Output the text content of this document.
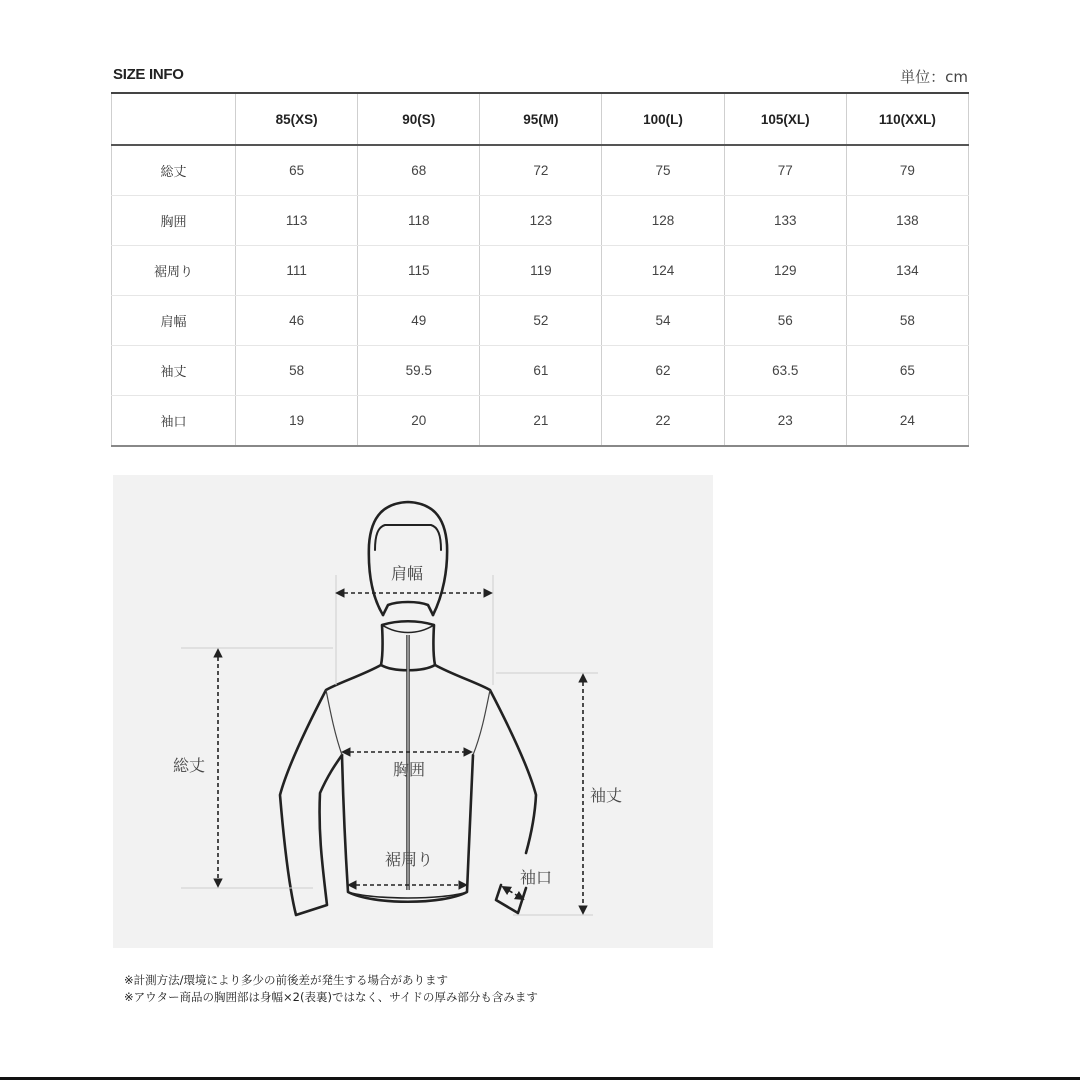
SIZE INFO	単位：cm
	85(XS)	90(S)	95(M)	100(L)	105(XL)	110(XXL)
総丈	65	68	72	75	77	79
胸囲	113	118	123	128	133	138
裾周り	111	115	119	124	129	134
肩幅	46	49	52	54	56	58
袖丈	58	59.5	61	62	63.5	65
袖口	19	20	21	22	23	24
肩幅
総丈	胸囲
裾周り
袖丈
袖口
※計測方法/環境により多少の前後差が発生する場合があります
※アウター商品の胸囲部は身幅×2(表裏)ではなく、サイドの厚み部分も含みます
